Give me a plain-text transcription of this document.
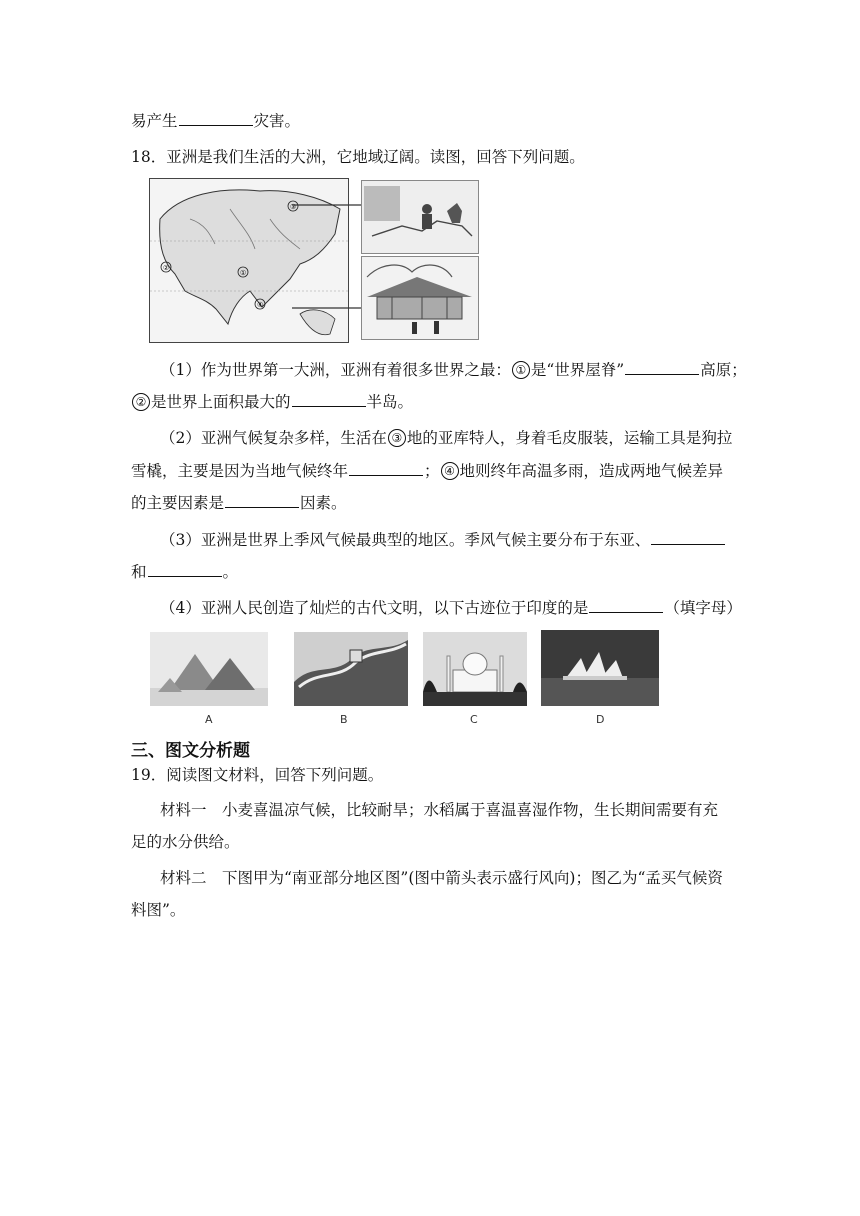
易产生	灾害。
18．亚洲是我们生活的大洲，它地域辽阔。读图，回答下列问题。
③
②
①
④
（1）作为世界第一大洲，亚洲有着很多世界之最： ① 是“世界屋脊”	高原；
② 是世界上面积最大的	半岛。
（2）亚洲气候复杂多样，生活在 ③ 地的亚库特人，身着毛皮服装，运输工具是狗拉
雪橇，主要是因为当地气候终年	； ④ 地则终年高温多雨，造成两地气候差异
的主要因素是	因素。
（3）亚洲是世界上季风气候最典型的地区。季风气候主要分布于东亚、
和	。
（4）亚洲人民创造了灿烂的古代文明，以下古迹位于印度的是	（填字母）
A	B	C	D
三、图文分析题
19．阅读图文材料，回答下列问题。
材料一　小麦喜温凉气候，比较耐旱；水稻属于喜温喜湿作物，生长期间需要有充
足的水分供给。
材料二　下图甲为“南亚部分地区图”(图中箭头表示盛行风向)；图乙为“孟买气候资
料图”。
